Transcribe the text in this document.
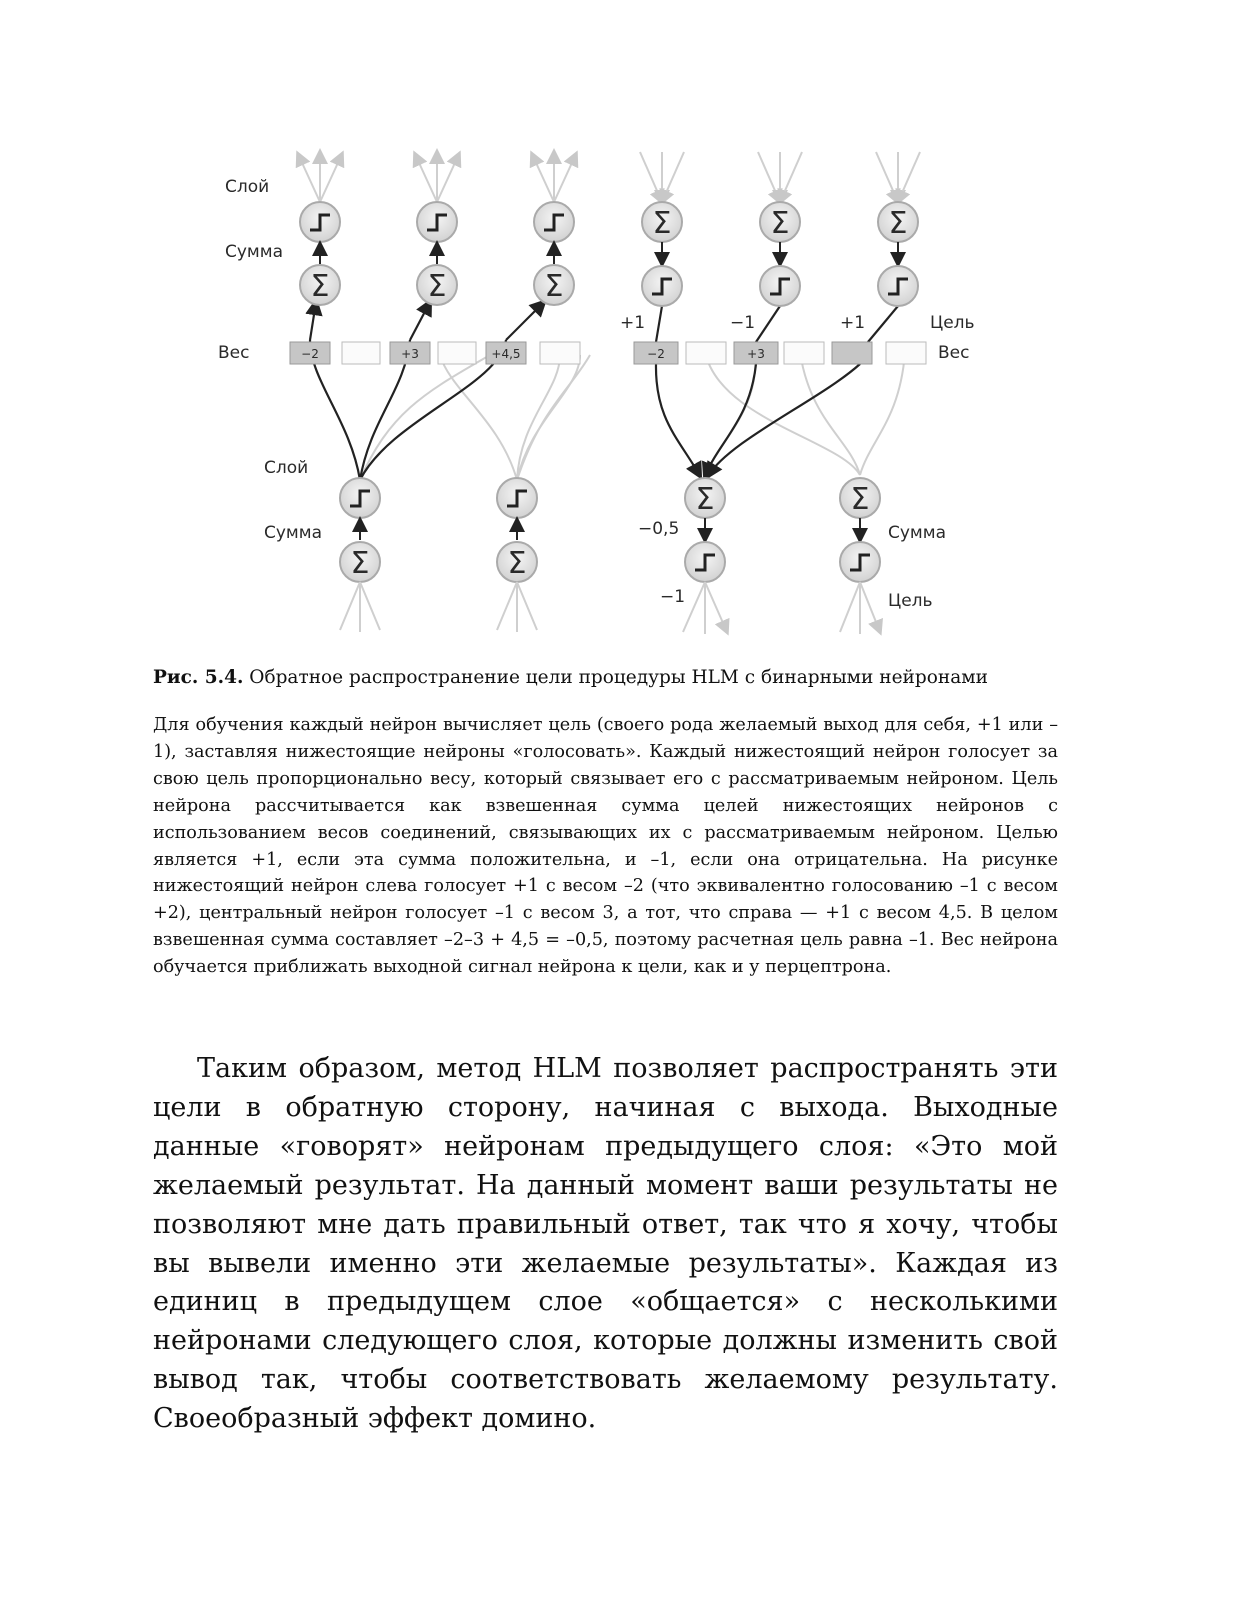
−2	+3	+4,5
Σ	Σ	Σ
Σ	Σ
Слой
Сумма
Вес
Слой
Сумма
−2	+3
Σ	Σ	Σ
Σ	Σ
+1	−1	+1	Цель
Вес
−0,5
−1
Сумма
Цель
Рис. 5.4. Обратное распространение цели процедуры HLM с бинарными нейронами
Для обучения каждый нейрон вычисляет цель (своего рода желаемый выход для себя, +1 или –1), заставляя нижестоящие нейроны «голосовать». Каждый нижестоящий нейрон голосует за свою цель пропорционально весу, который связывает его с рассматриваемым нейроном. Цель нейрона рассчитывается как взвешенная сумма целей нижестоящих нейронов с использованием весов соединений, связывающих их с рассматриваемым нейроном. Целью является +1, если эта сумма положительна, и –1, если она отрицательна. На рисунке нижестоящий нейрон слева голосует +1 с весом –2 (что эквивалентно голосованию –1 с весом +2), центральный нейрон голосует –1 с весом 3, а тот, что справа — +1 с весом 4,5. В целом взвешенная сумма составляет –2–3 + 4,5 = –0,5, поэтому расчетная цель равна –1. Вес нейрона обучается приближать выходной сигнал нейрона к цели, как и у перцептрона.
Таким образом, метод HLM позволяет распространять эти цели в обратную сторону, начиная с выхода. Выходные данные «говорят» нейронам предыдущего слоя: «Это мой желаемый результат. На данный момент ваши результаты не позволяют мне дать правильный ответ, так что я хочу, чтобы вы вывели именно эти желаемые результаты». Каждая из единиц в предыдущем слое «общается» с несколькими нейронами следующего слоя, которые должны изменить свой вывод так, чтобы соответствовать желаемому результату. Своеобразный эффект домино.
